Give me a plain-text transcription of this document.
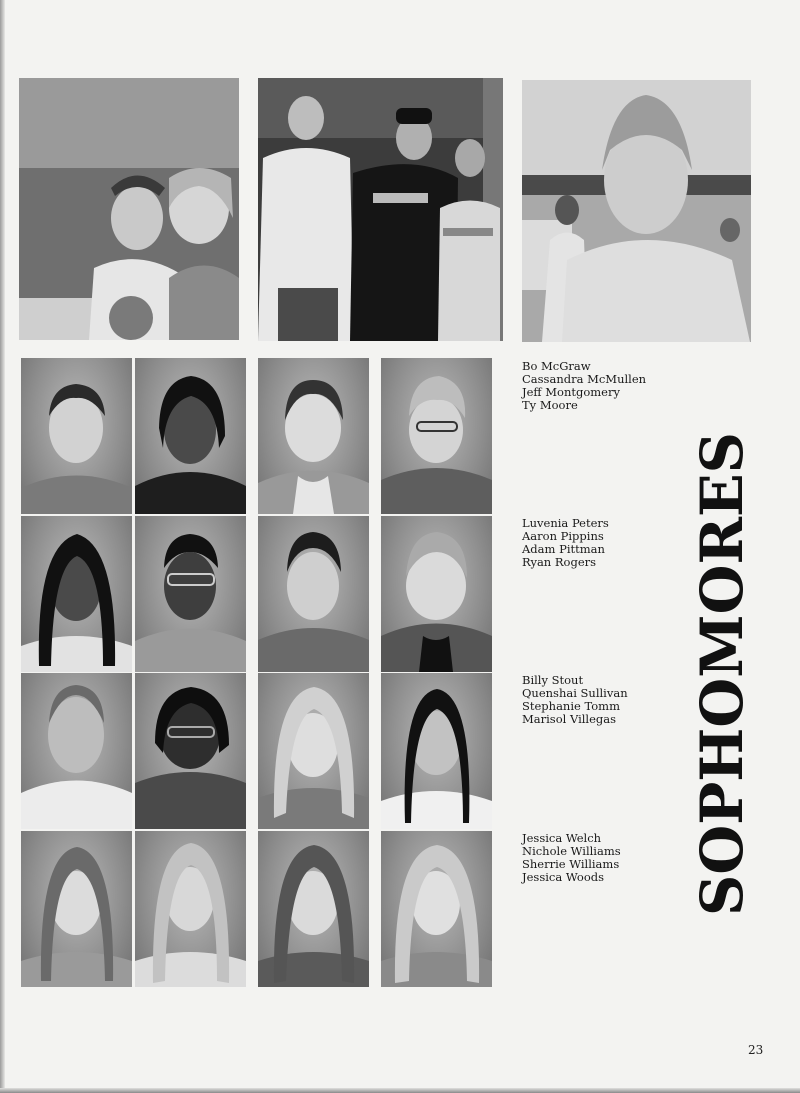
Bo McGraw
Cassandra McMullen
Jeff Montgomery
Ty Moore
Luvenia Peters
Aaron Pippins
Adam Pittman
Ryan Rogers
Billy Stout
Quenshai Sullivan
Stephanie Tomm
Marisol Villegas
Jessica Welch
Nichole Williams
Sherrie Williams
Jessica Woods	SOPHOMORES
23
